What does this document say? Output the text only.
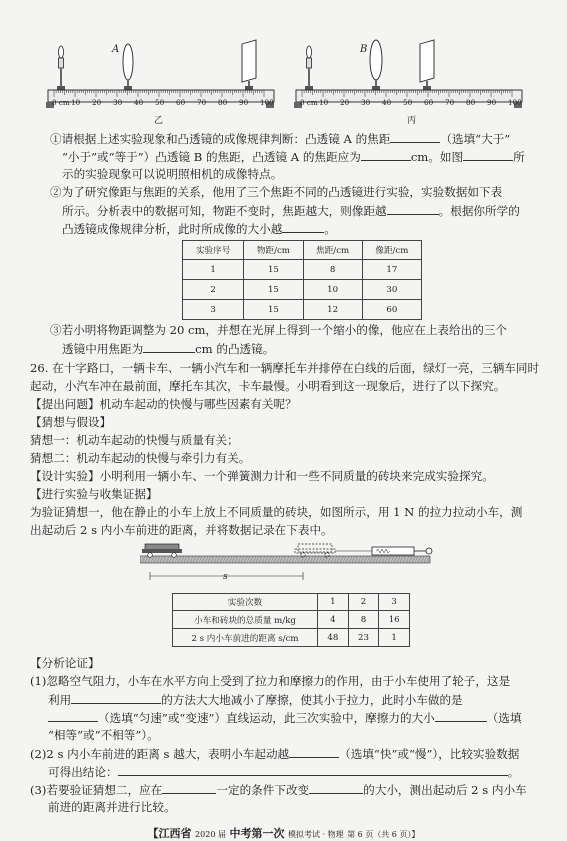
A
0 cm 10 20 30 40 50 60 70 80 90 100
乙
B
0 cm 10 20 30 40 50 60 70 80 90 100
丙
①请根据上述实验现象和凸透镜的成像规律判断：凸透镜 A 的焦距	（选填“大于”
“小于”或“等于”）凸透镜 B 的焦距，凸透镜 A 的焦距应为	cm。如图	所
示的实验现象可以说明照相机的成像特点。
②为了研究像距与焦距的关系，他用了三个焦距不同的凸透镜进行实验，实验数据如下表
所示。分析表中的数据可知，物距不变时，焦距越大，则像距越	。根据你所学的
凸透镜成像规律分析，此时所成像的大小越	。
实验序号	物距/cm	焦距/cm	像距/cm
1	15	8	17
2	15	10	30
3	15	12	60
③若小明将物距调整为 20 cm，并想在光屏上得到一个缩小的像，他应在上表给出的三个
透镜中用焦距为	cm 的凸透镜。
26. 在十字路口，一辆卡车、一辆小汽车和一辆摩托车并排停在白线的后面，绿灯一亮，三辆车同时
起动，小汽车冲在最前面，摩托车其次，卡车最慢。小明看到这一现象后，进行了以下探究。
【提出问题】机动车起动的快慢与哪些因素有关呢？
【猜想与假设】
猜想一：机动车起动的快慢与质量有关；
猜想二：机动车起动的快慢与牵引力有关。
【设计实验】小明利用一辆小车、一个弹簧测力计和一些不同质量的砖块来完成实验探究。
【进行实验与收集证据】
为验证猜想一，他在静止的小车上放上不同质量的砖块，如图所示，用 1 N 的拉力拉动小车，测
出起动后 2 s 内小车前进的距离，并将数据记录在下表中。
s
实验次数	1	2	3
小车和砖块的总质量 m/kg	4	8	16
2 s 内小车前进的距离 s/cm	48	23	1
【分析论证】
(1)忽略空气阻力，小车在水平方向上受到了拉力和摩擦力的作用，由于小车使用了轮子，这是
利用	的方法大大地减小了摩擦，使其小于拉力，此时小车做的是
（选填“匀速”或“变速”）直线运动，此三次实验中，摩擦力的大小	（选填
“相等”或“不相等”）。
(2)2 s 内小车前进的距离 s 越大，表明小车起动越	（选填“快”或“慢”），比较实验数据
可得出结论：	。
(3)若要验证猜想二，应在	一定的条件下改变	的大小，测出起动后 2 s 内小车
前进的距离并进行比较。
【江西省 2020 届 中考第一次 模拟考试 · 物理 第 6 页（共 6 页）】
